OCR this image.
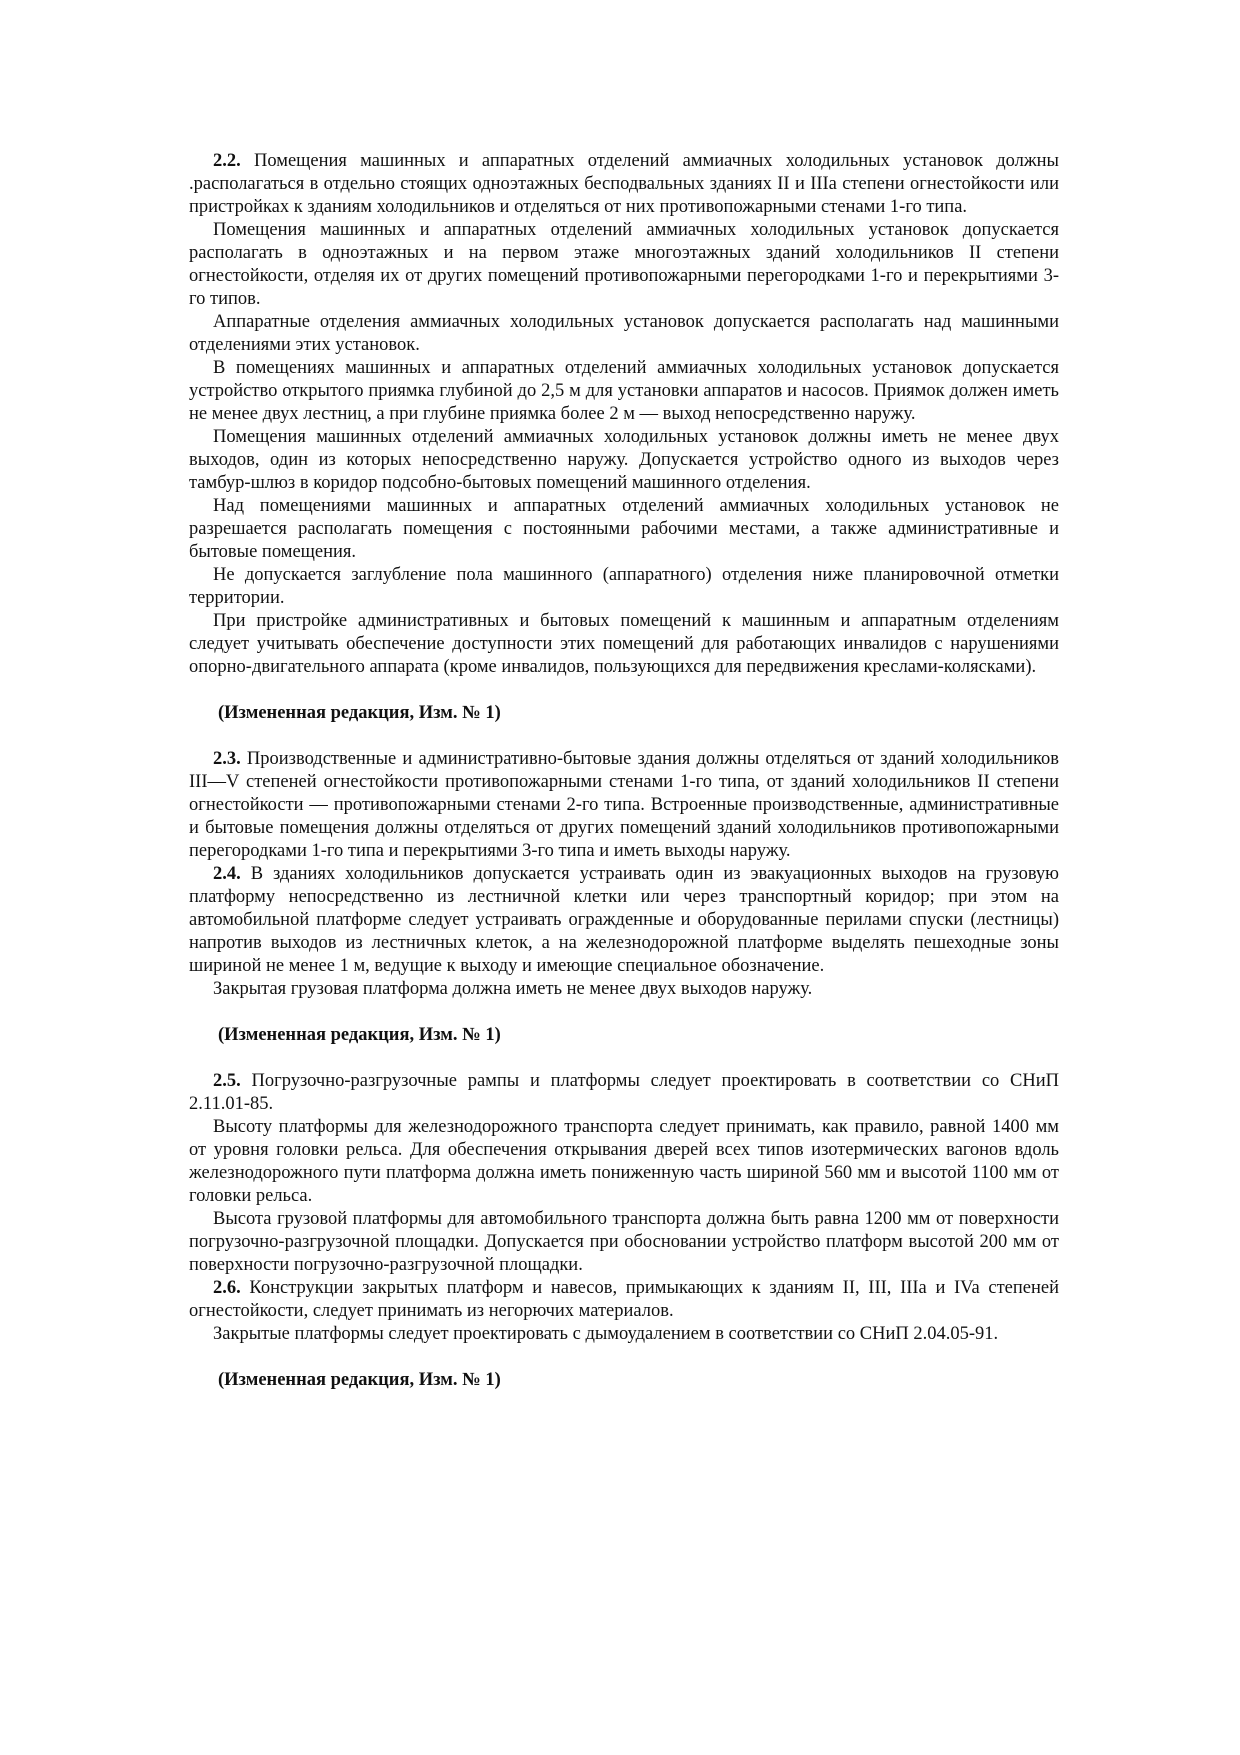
2.2. Помещения машинных и аппаратных отделений аммиачных холодильных установок должны .располагаться в отдельно стоящих одноэтажных бесподвальных зданиях II и IIIa степени огнестойкости или пристройках к зданиям холодильников и отделяться от них противопожарными стенами 1-го типа.

Помещения машинных и аппаратных отделений аммиачных холодильных установок допускается располагать в одноэтажных и на первом этаже многоэтажных зданий холодильников II степени огнестойкости, отделяя их от других помещений противопожарными перегородками 1-го и перекрытиями 3-го типов.

Аппаратные отделения аммиачных холодильных установок допускается располагать над машинными отделениями этих установок.

В помещениях машинных и аппаратных отделений аммиачных холодильных установок допускается устройство открытого приямка глубиной до 2,5 м для установки аппаратов и насосов. Приямок должен иметь не менее двух лестниц, а при глубине приямка более 2 м — выход непосредственно наружу.

Помещения машинных отделений аммиачных холодильных установок должны иметь не менее двух выходов, один из которых непосредственно наружу. Допускается устройство одного из выходов через тамбур-шлюз в коридор подсобно-бытовых помещений машинного отделения.

Над помещениями машинных и аппаратных отделений аммиачных холодильных установок не разрешается располагать помещения с постоянными рабочими местами, а также административные и бытовые помещения.

Не допускается заглубление пола машинного (аппаратного) отделения ниже планировочной отметки территории.

При пристройке административных и бытовых помещений к машинным и аппаратным отделениям следует учитывать обеспечение доступности этих помещений для работающих инвалидов с нарушениями опорно-двигательного аппарата (кроме инвалидов, пользующихся для передвижения креслами-колясками).

(Измененная редакция, Изм. № 1)

2.3. Производственные и административно-бытовые здания должны отделяться от зданий холодильников III—V степеней огнестойкости противопожарными стенами 1-го типа, от зданий холодильников II степени огнестойкости — противопожарными стенами 2-го типа. Встроенные производственные, административные и бытовые помещения должны отделяться от других помещений зданий холодильников противопожарными перегородками 1-го типа и перекрытиями 3-го типа и иметь выходы наружу.

2.4. В зданиях холодильников допускается устраивать один из эвакуационных выходов на грузовую платформу непосредственно из лестничной клетки или через транспортный коридор; при этом на автомобильной платформе следует устраивать огражденные и оборудованные перилами спуски (лестницы) напротив выходов из лестничных клеток, а на железнодорожной платформе выделять пешеходные зоны шириной не менее 1 м, ведущие к выходу и имеющие специальное обозначение.

Закрытая грузовая платформа должна иметь не менее двух выходов наружу.

(Измененная редакция, Изм. № 1)

2.5. Погрузочно-разгрузочные рампы и платформы следует проектировать в соответствии со СНиП 2.11.01-85.

Высоту платформы для железнодорожного транспорта следует принимать, как правило, равной 1400 мм от уровня головки рельса. Для обеспечения открывания дверей всех типов изотермических вагонов вдоль железнодорожного пути платформа должна иметь пониженную часть шириной 560 мм и высотой 1100 мм от головки рельса.

Высота грузовой платформы для автомобильного транспорта должна быть равна 1200 мм от поверхности погрузочно-разгрузочной площадки. Допускается при обосновании устройство платформ высотой 200 мм от поверхности погрузочно-разгрузочной площадки.

2.6. Конструкции закрытых платформ и навесов, примыкающих к зданиям II, III, IIIa и IVa степеней огнестойкости, следует принимать из негорючих материалов.

Закрытые платформы следует проектировать с дымоудалением в соответствии со СНиП 2.04.05-91.

(Измененная редакция, Изм. № 1)
